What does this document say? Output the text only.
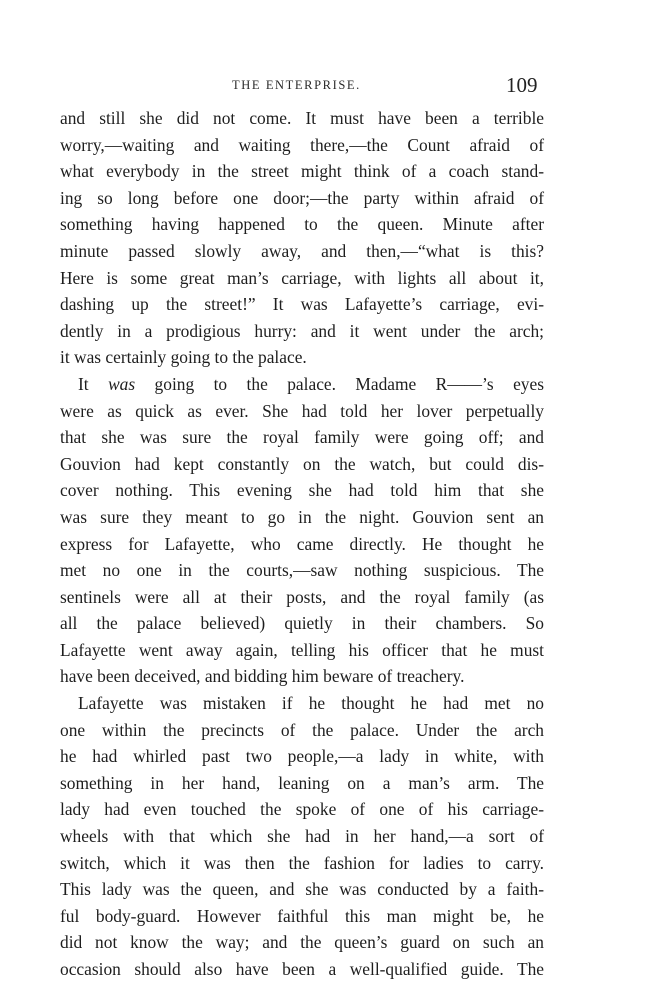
THE ENTERPRISE.	109
and still she did not come. It must have been a terrible
worry,—waiting and waiting there,—the Count afraid of
what everybody in the street might think of a coach stand-
ing so long before one door;—the party within afraid of
something having happened to the queen. Minute after
minute passed slowly away, and then,—“what is this?
Here is some great man’s carriage, with lights all about it,
dashing up the street!” It was Lafayette’s carriage, evi-
dently in a prodigious hurry: and it went under the arch;
it was certainly going to the palace.
It was going to the palace. Madame R——’s eyes
were as quick as ever. She had told her lover perpetually
that she was sure the royal family were going off; and
Gouvion had kept constantly on the watch, but could dis-
cover nothing. This evening she had told him that she
was sure they meant to go in the night. Gouvion sent an
express for Lafayette, who came directly. He thought he
met no one in the courts,—saw nothing suspicious. The
sentinels were all at their posts, and the royal family (as
all the palace believed) quietly in their chambers. So
Lafayette went away again, telling his officer that he must
have been deceived, and bidding him beware of treachery.
Lafayette was mistaken if he thought he had met no
one within the precincts of the palace. Under the arch
he had whirled past two people,—a lady in white, with
something in her hand, leaning on a man’s arm. The
lady had even touched the spoke of one of his carriage-
wheels with that which she had in her hand,—a sort of
switch, which it was then the fashion for ladies to carry.
This lady was the queen, and she was conducted by a faith-
ful body-guard. However faithful this man might be, he
did not know the way; and the queen’s guard on such an
occasion should also have been a well-qualified guide. The
